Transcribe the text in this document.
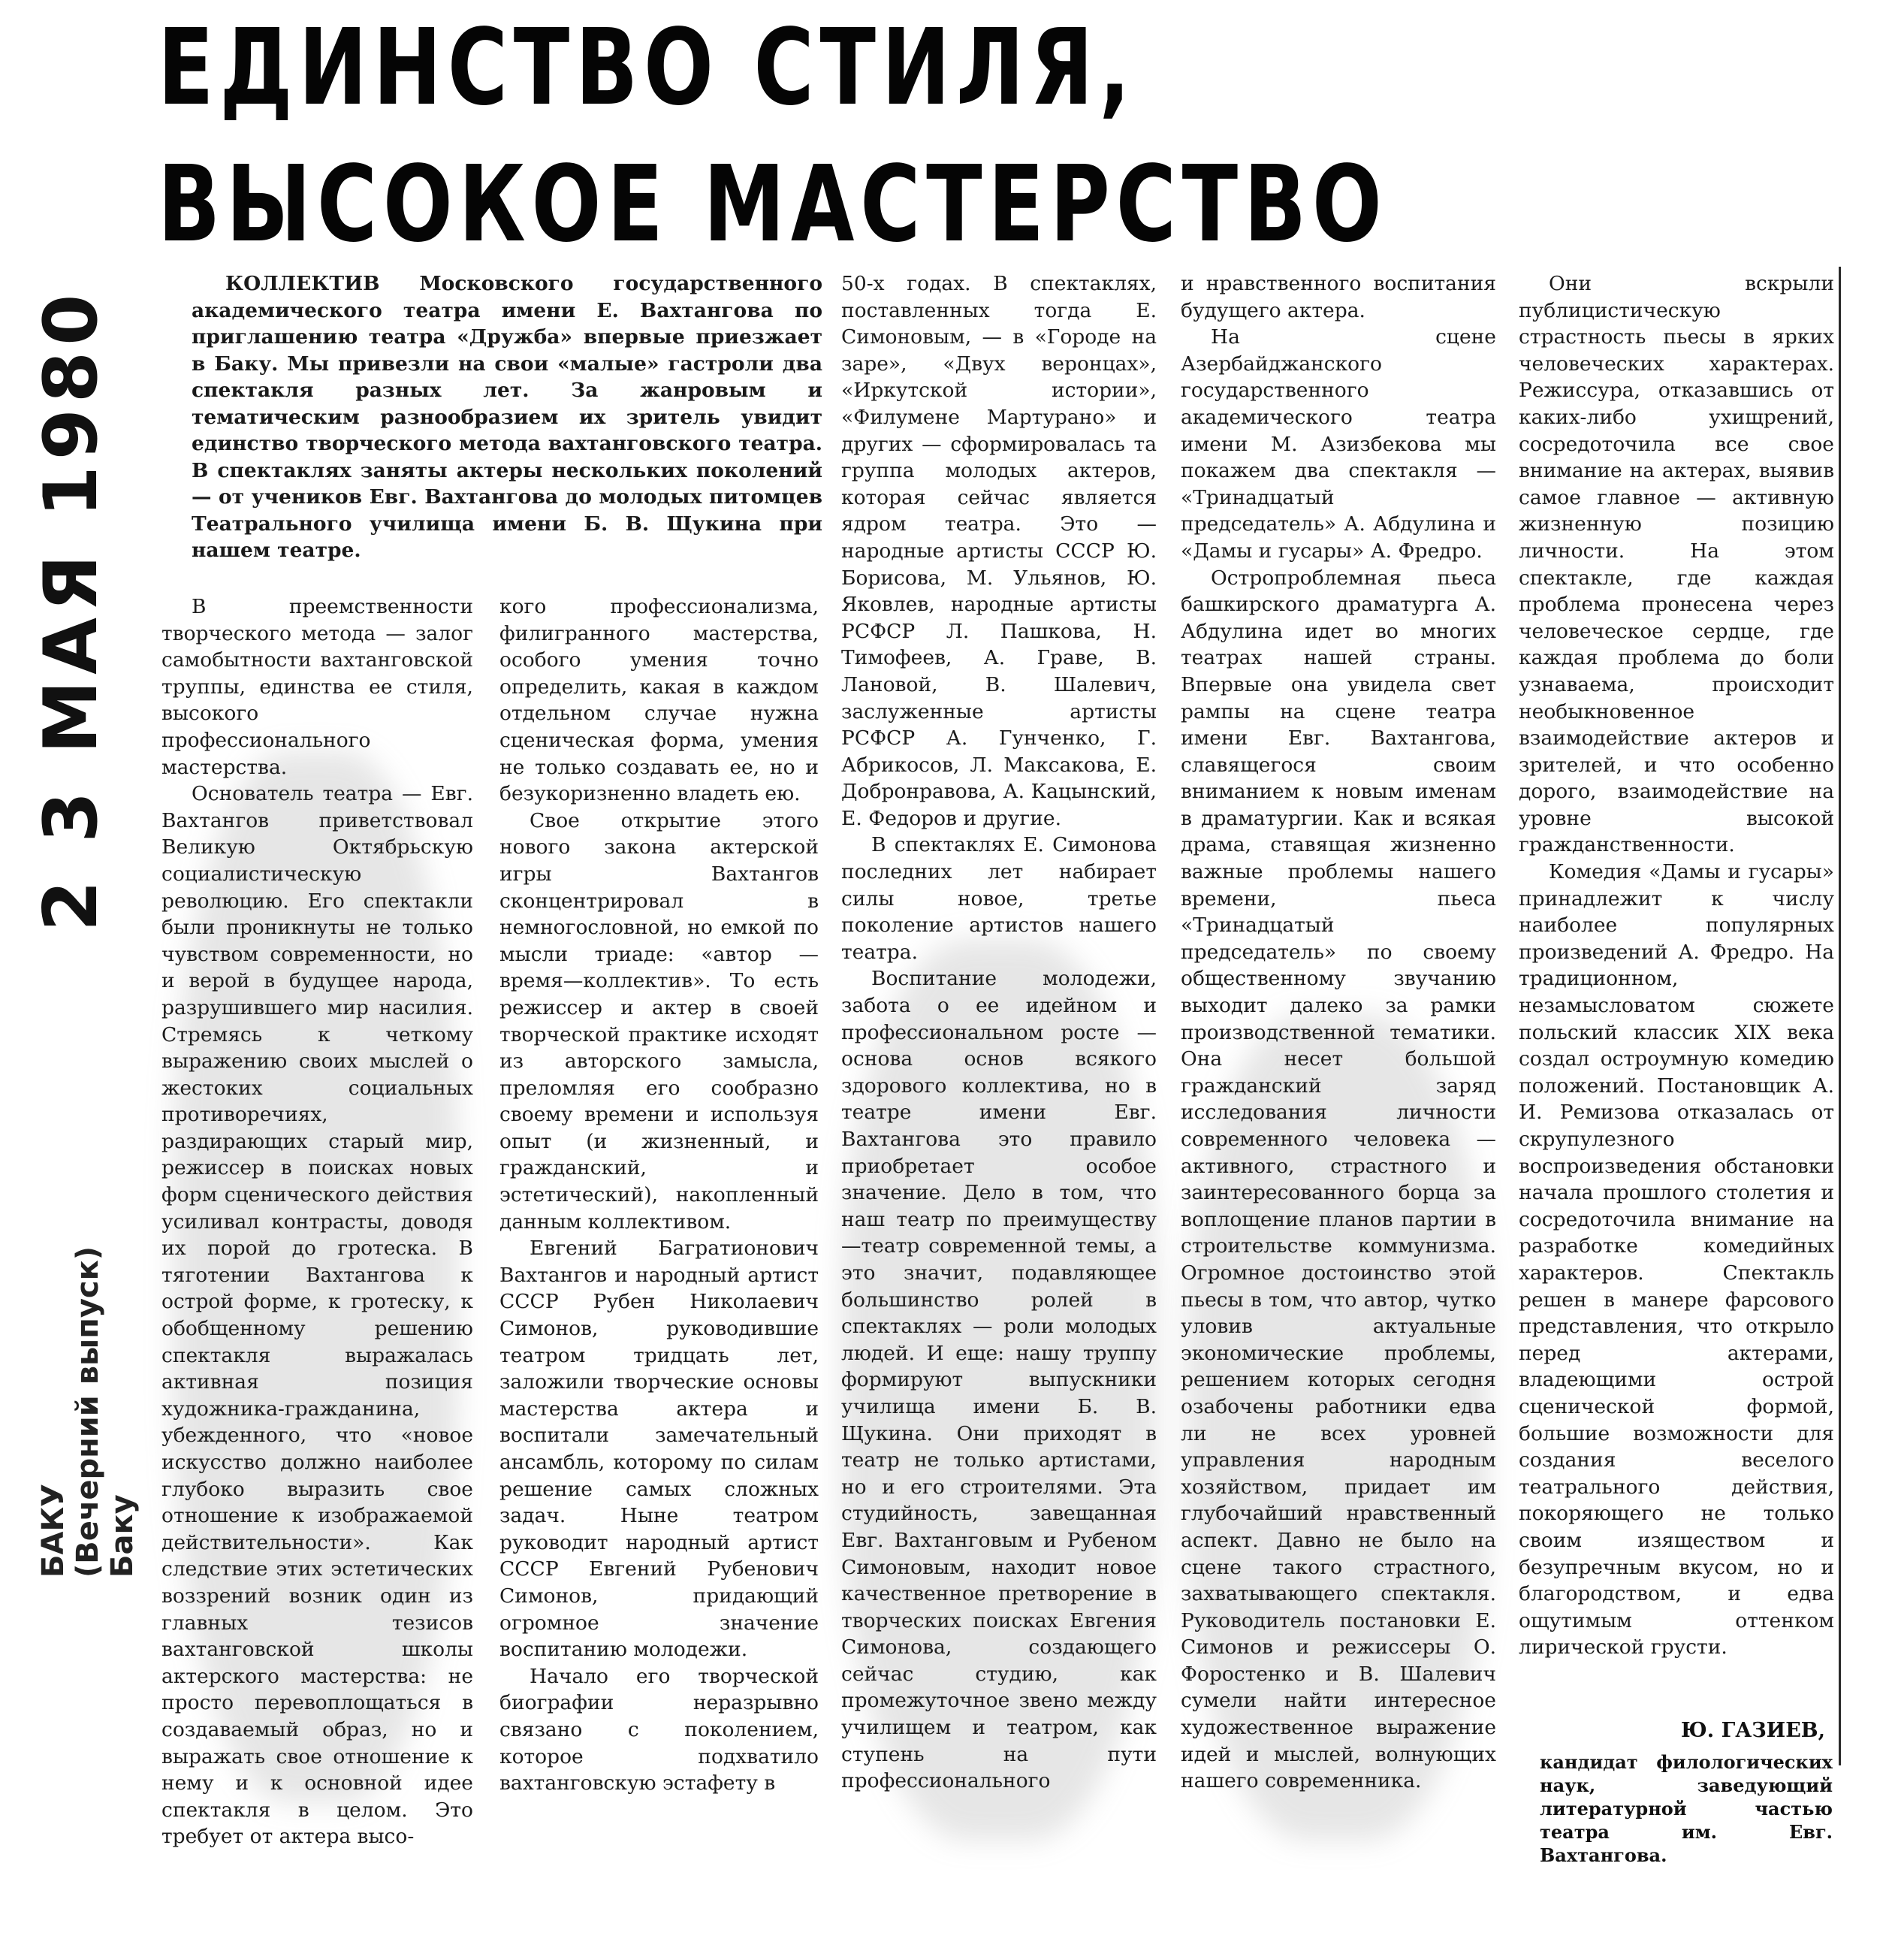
2 3 МАЯ 1980
БАКУ (Вечерний выпуск) Баку
ЕДИНСТВО СТИЛЯ,
ВЫСОКОЕ МАСТЕРСТВО
КОЛЛЕКТИВ Московского государственного академического театра имени Е. Вахтангова по приглашению театра «Дружба» впервые приезжает в Баку. Мы привезли на свои «малые» гастроли два спектакля разных лет. За жанровым и тематическим разнообразием их зритель увидит единство творческого метода вахтанговского театра. В спектаклях заняты актеры нескольких поколений — от учеников Евг. Вахтангова до молодых питомцев Театрального училища имени Б. В. Щукина при нашем театре.

В преемственности творческого метода — залог самобытности вахтанговской труппы, единства ее стиля, высокого профессионального мастерства.

Основатель театра — Евг. Вахтангов приветствовал Великую Октябрьскую социалистическую революцию. Его спектакли были проникнуты не только чувством современности, но и верой в будущее народа, разрушившего мир насилия. Стремясь к четкому выражению своих мыслей о жестоких социальных противоречиях, раздирающих старый мир, режиссер в поисках новых форм сценического действия усиливал контрасты, доводя их порой до гротеска. В тяготении Вахтангова к острой форме, к гротеску, к обобщенному решению спектакля выражалась активная позиция художника-гражданина, убежденного, что «новое искусство должно наиболее глубоко выразить свое отношение к изображаемой действительности». Как следствие этих эстетических воззрений возник один из главных тезисов вахтанговской школы актерского мастерства: не просто перевоплощаться в создаваемый образ, но и выражать свое отношение к нему и к основной идее спектакля в целом. Это требует от актера высо-

кого профессионализма, филигранного мастерства, особого умения точно определить, какая в каждом отдельном случае нужна сценическая форма, умения не только создавать ее, но и безукоризненно владеть ею.

Свое открытие этого нового закона актерской игры Вахтангов сконцентрировал в немногословной, но емкой по мысли триаде: «автор — время—коллектив». То есть режиссер и актер в своей творческой практике исходят из авторского замысла, преломляя его сообразно своему времени и используя опыт (и жизненный, и гражданский, и эстетический), накопленный данным коллективом.

Евгений Багратионович Вахтангов и народный артист СССР Рубен Николаевич Симонов, руководившие театром тридцать лет, заложили творческие основы мастерства актера и воспитали замечательный ансамбль, которому по силам решение самых сложных задач. Ныне театром руководит народный артист СССР Евгений Рубенович Симонов, придающий огромное значение воспитанию молодежи.

Начало его творческой биографии неразрывно связано с поколением, которое подхватило вахтанговскую эстафету в

50-х годах. В спектаклях, поставленных тогда Е. Симоновым, — в «Городе на заре», «Двух веронцах», «Иркутской истории», «Филумене Мартурано» и других — сформировалась та группа молодых актеров, которая сейчас является ядром театра. Это — народные артисты СССР Ю. Борисова, М. Ульянов, Ю. Яковлев, народные артисты РСФСР Л. Пашкова, Н. Тимофеев, А. Граве, В. Лановой, В. Шалевич, заслуженные артисты РСФСР А. Гунченко, Г. Абрикосов, Л. Максакова, Е. Добронравова, А. Кацынский, Е. Федоров и другие.

В спектаклях Е. Симонова последних лет набирает силы новое, третье поколение артистов нашего театра.

Воспитание молодежи, забота о ее идейном и профессиональном росте — основа основ всякого здорового коллектива, но в театре имени Евг. Вахтангова это правило приобретает особое значение. Дело в том, что наш театр по преимуществу—театр современной темы, а это значит, подавляющее большинство ролей в спектаклях — роли молодых людей. И еще: нашу труппу формируют выпускники училища имени Б. В. Щукина. Они приходят в театр не только артистами, но и его строителями. Эта студийность, завещанная Евг. Вахтанговым и Рубеном Симоновым, находит новое качественное претворение в творческих поисках Евгения Симонова, создающего сейчас студию, как промежуточное звено между училищем и театром, как ступень на пути профессионального

и нравственного воспитания будущего актера.

На сцене Азербайджанского государственного академического театра имени М. Азизбекова мы покажем два спектакля — «Тринадцатый председатель» А. Абдулина и «Дамы и гусары» А. Фредро.

Остропроблемная пьеса башкирского драматурга А. Абдулина идет во многих театрах нашей страны. Впервые она увидела свет рампы на сцене театра имени Евг. Вахтангова, славящегося своим вниманием к новым именам в драматургии. Как и всякая драма, ставящая жизненно важные проблемы нашего времени, пьеса «Тринадцатый председатель» по своему общественному звучанию выходит далеко за рамки производственной тематики. Она несет большой гражданский заряд исследования личности современного человека — активного, страстного и заинтересованного борца за воплощение планов партии в строительстве коммунизма. Огромное достоинство этой пьесы в том, что автор, чутко уловив актуальные экономические проблемы, решением которых сегодня озабочены работники едва ли не всех уровней управления народным хозяйством, придает им глубочайший нравственный аспект. Давно не было на сцене такого страстного, захватывающего спектакля. Руководитель постановки Е. Симонов и режиссеры О. Форостенко и В. Шалевич сумели найти интересное художественное выражение идей и мыслей, волнующих нашего современника.

Они вскрыли публицистическую страстность пьесы в ярких человеческих характерах. Режиссура, отказавшись от каких-либо ухищрений, сосредоточила все свое внимание на актерах, выявив самое главное — активную жизненную позицию личности. На этом спектакле, где каждая проблема пронесена через человеческое сердце, где каждая проблема до боли узнаваема, происходит необыкновенное взаимодействие актеров и зрителей, и что особенно дорого, взаимодействие на уровне высокой гражданственности.

Комедия «Дамы и гусары» принадлежит к числу наиболее популярных произведений А. Фредро. На традиционном, незамысловатом сюжете польский классик XIX века создал остроумную комедию положений. Постановщик А. И. Ремизова отказалась от скрупулезного воспроизведения обстановки начала прошлого столетия и сосредоточила внимание на разработке комедийных характеров. Спектакль решен в манере фарсового представления, что открыло перед актерами, владеющими острой сценической формой, большие возможности для создания веселого театрального действия, покоряющего не только своим изяществом и безупречным вкусом, но и благородством, и едва ощутимым оттенком лирической грусти.

Ю. ГАЗИЕВ,
кандидат филологических наук, заведующий литературной частью театра им. Евг. Вахтангова.
